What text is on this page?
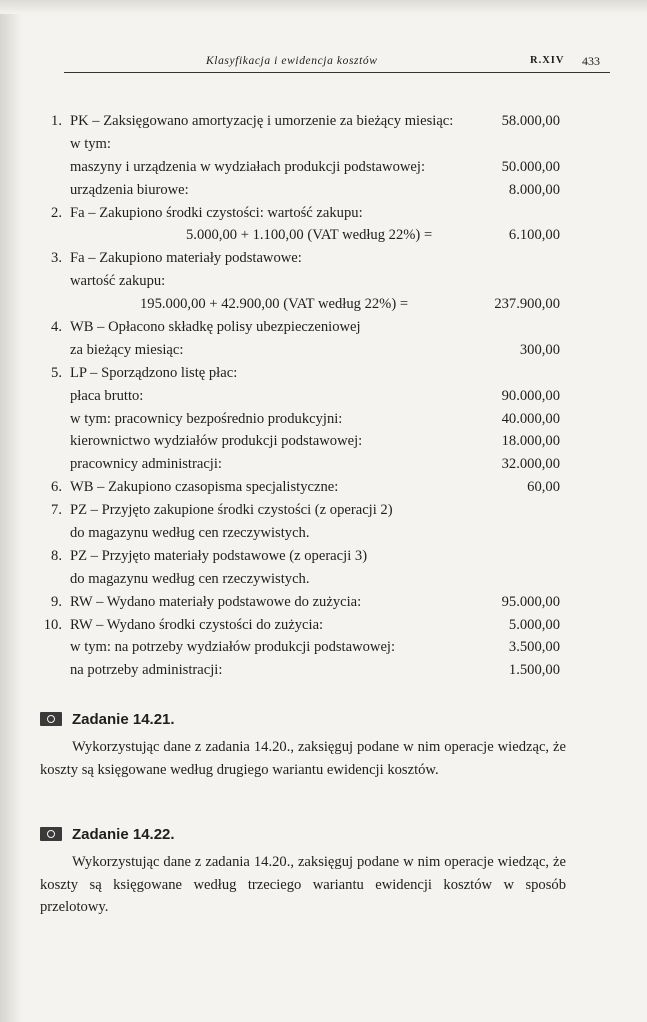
Klasyfikacja i ewidencja kosztów	R.XIV 433
1. PK – Zaksięgowano amortyzację i umorzenie za bieżący miesiąc:	58.000,00
w tym:
maszyny i urządzenia w wydziałach produkcji podstawowej:	50.000,00
urządzenia biurowe:	8.000,00
2. Fa – Zakupiono środki czystości: wartość zakupu:
5.000,00 + 1.100,00 (VAT według 22%) =	6.100,00
3. Fa – Zakupiono materiały podstawowe:
wartość zakupu:
195.000,00 + 42.900,00 (VAT według 22%) =	237.900,00
4. WB – Opłacono składkę polisy ubezpieczeniowej
za bieżący miesiąc:	300,00
5. LP – Sporządzono listę płac:
płaca brutto:	90.000,00
w tym: pracownicy bezpośrednio produkcyjni:	40.000,00
kierownictwo wydziałów produkcji podstawowej:	18.000,00
pracownicy administracji:	32.000,00
6. WB – Zakupiono czasopisma specjalistyczne:	60,00
7. PZ – Przyjęto zakupione środki czystości (z operacji 2)
do magazynu według cen rzeczywistych.
8. PZ – Przyjęto materiały podstawowe (z operacji 3)
do magazynu według cen rzeczywistych.
9. RW – Wydano materiały podstawowe do zużycia:	95.000,00
10. RW – Wydano środki czystości do zużycia:	5.000,00
w tym: na potrzeby wydziałów produkcji podstawowej:	3.500,00
na potrzeby administracji:	1.500,00
Zadanie 14.21.

Wykorzystując dane z zadania 14.20., zaksięguj podane w nim operacje wiedząc, że koszty są księgowane według drugiego wariantu ewidencji kosztów.

Zadanie 14.22.

Wykorzystując dane z zadania 14.20., zaksięguj podane w nim operacje wiedząc, że koszty są księgowane według trzeciego wariantu ewidencji kosztów w sposób przelotowy.
